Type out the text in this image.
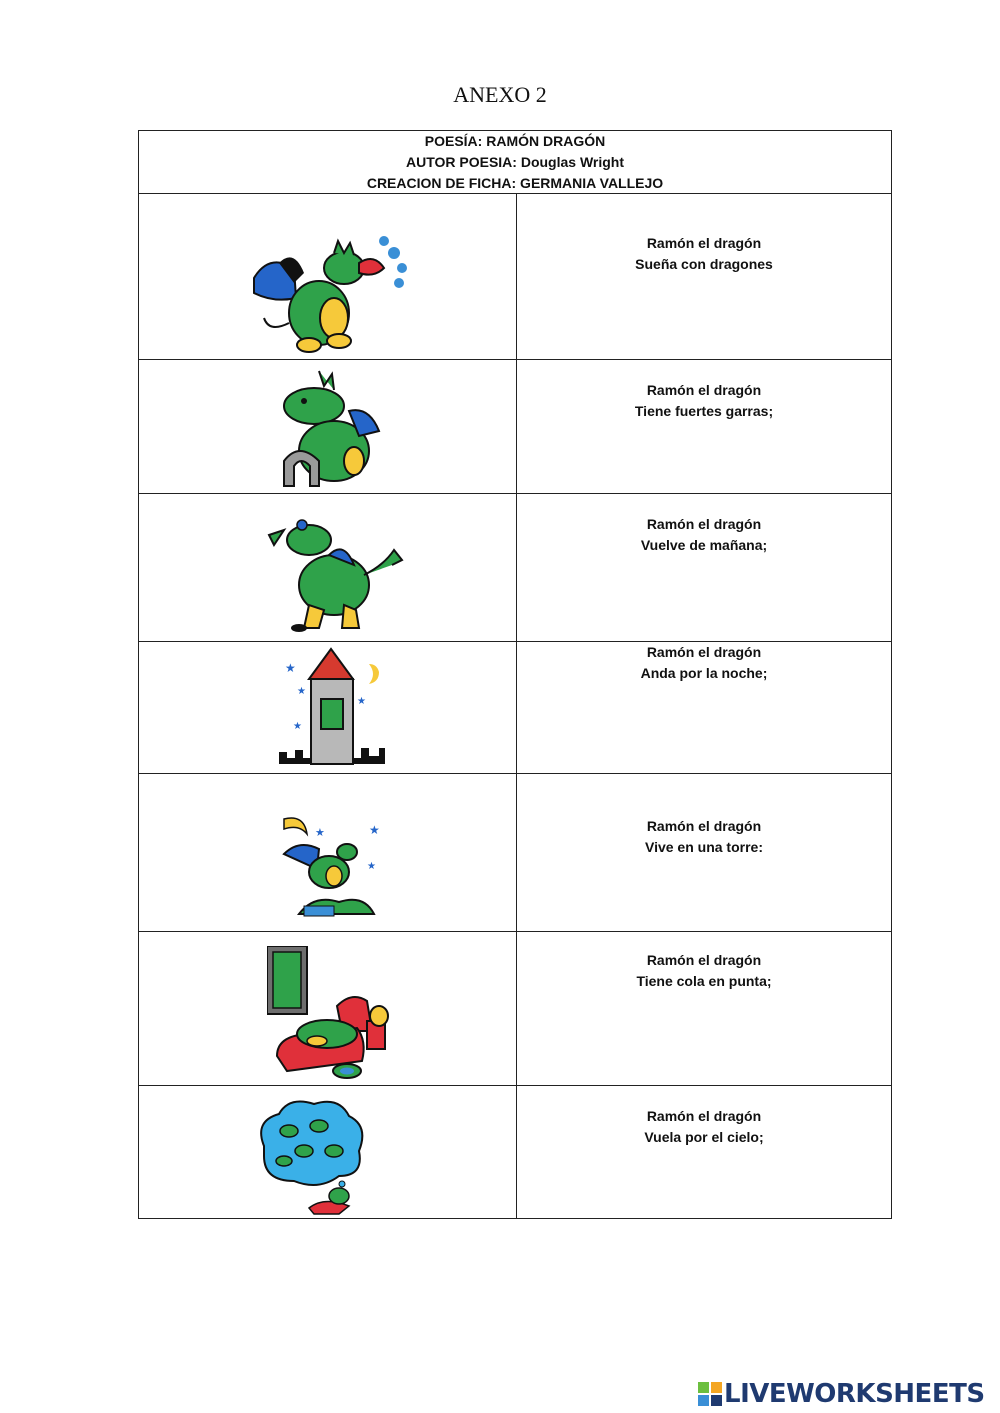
ANEXO 2
POESÍA: RAMÓN DRAGÓN
AUTOR POESIA: Douglas Wright
CREACION DE FICHA: GERMANIA VALLEJO
Ramón el dragón
Sueña con dragones
Ramón el dragón
Tiene fuertes garras;
Ramón el dragón
Vuelve de mañana;
★
★
★
★
Ramón el dragón
Anda por la noche;
★	★
★
Ramón el dragón
Vive en una torre:
Ramón el dragón
Tiene cola en punta;
Ramón el dragón
Vuela por el cielo;
LIVEWORKSHEETS
